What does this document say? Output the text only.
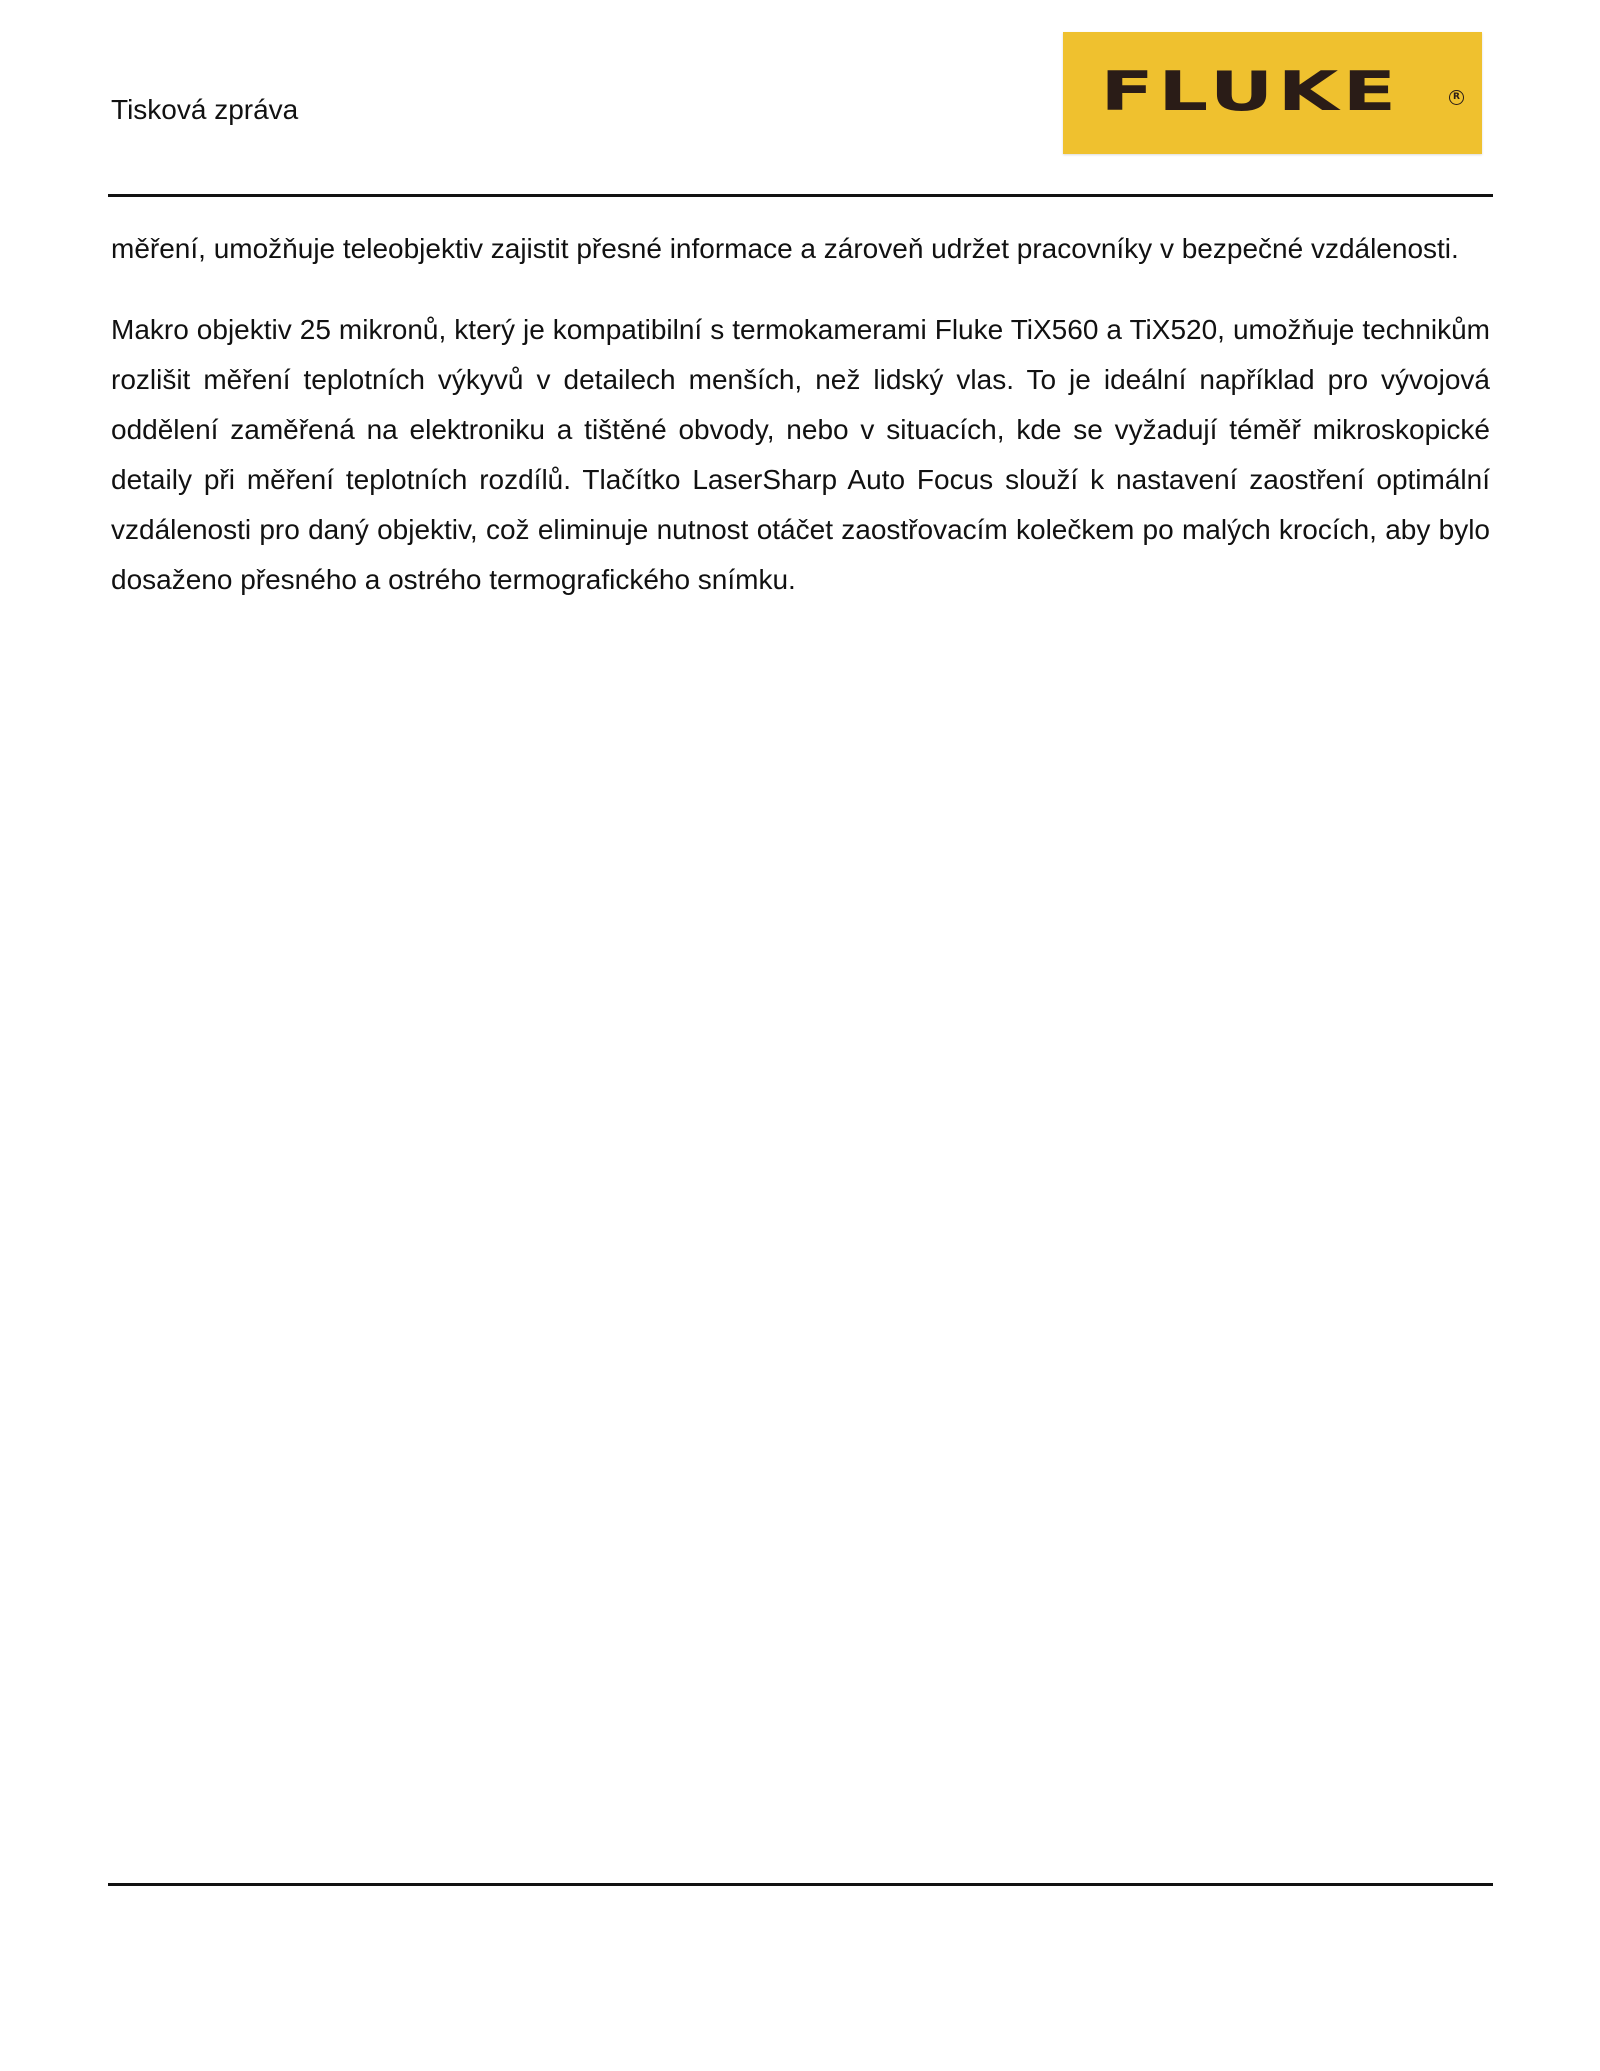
Tisková zpráva	FLUKE	R

měření, umožňuje teleobjektiv zajistit přesné informace a zároveň udržet pracovníky v bezpečné vzdálenosti.

Makro objektiv 25 mikronů, který je kompatibilní s termokamerami Fluke TiX560 a TiX520, umožňuje technikům rozlišit měření teplotních výkyvů v detailech menších, než lidský vlas. To je ideální například pro vývojová oddělení zaměřená na elektroniku a tištěné obvody, nebo v situacích, kde se vyžadují téměř mikroskopické detaily při měření teplotních rozdílů. Tlačítko LaserSharp Auto Focus slouží k nastavení zaostření optimální vzdálenosti pro daný objektiv, což eliminuje nutnost otáčet zaostřovacím kolečkem po malých krocích, aby bylo dosaženo přesného a ostrého termografického snímku.
